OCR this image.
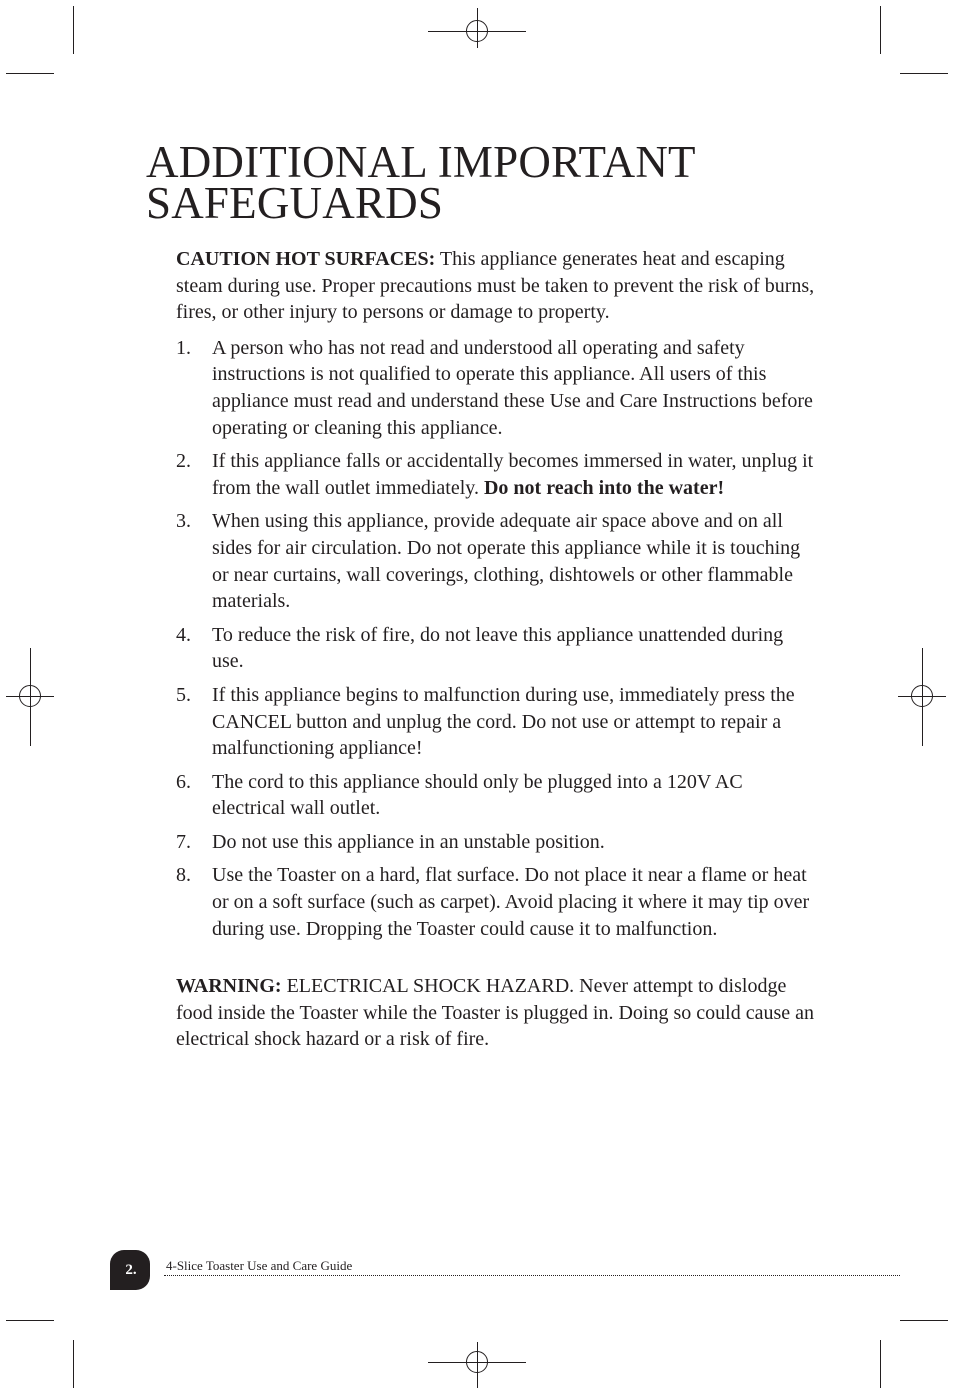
ADDITIONAL IMPORTANT
SAFEGUARDS

CAUTION HOT SURFACES: This appliance generates heat and escaping steam during use. Proper precautions must be taken to prevent the risk of burns, fires, or other injury to persons or damage to property.

1. A person who has not read and understood all operating and safety instructions is not qualified to operate this appliance. All users of this appliance must read and understand these Use and Care Instructions before operating or cleaning this appliance.
2. If this appliance falls or accidentally becomes immersed in water, unplug it from the wall outlet immediately. Do not reach into the water!
3. When using this appliance, provide adequate air space above and on all sides for air circulation. Do not operate this appliance while it is touching or near curtains, wall coverings, clothing, dishtowels or other flammable materials.
4. To reduce the risk of fire, do not leave this appliance unattended during use.
5. If this appliance begins to malfunction during use, immediately press the CANCEL button and unplug the cord. Do not use or attempt to repair a malfunctioning appliance!
6. The cord to this appliance should only be plugged into a 120V AC electrical wall outlet.
7. Do not use this appliance in an unstable position.
8. Use the Toaster on a hard, flat surface. Do not place it near a flame or heat or on a soft surface (such as carpet). Avoid placing it where it may tip over during use. Dropping the Toaster could cause it to malfunction.

WARNING: ELECTRICAL SHOCK HAZARD. Never attempt to dislodge food inside the Toaster while the Toaster is plugged in. Doing so could cause an electrical shock hazard or a risk of fire.

2.	4-Slice Toaster Use and Care Guide
